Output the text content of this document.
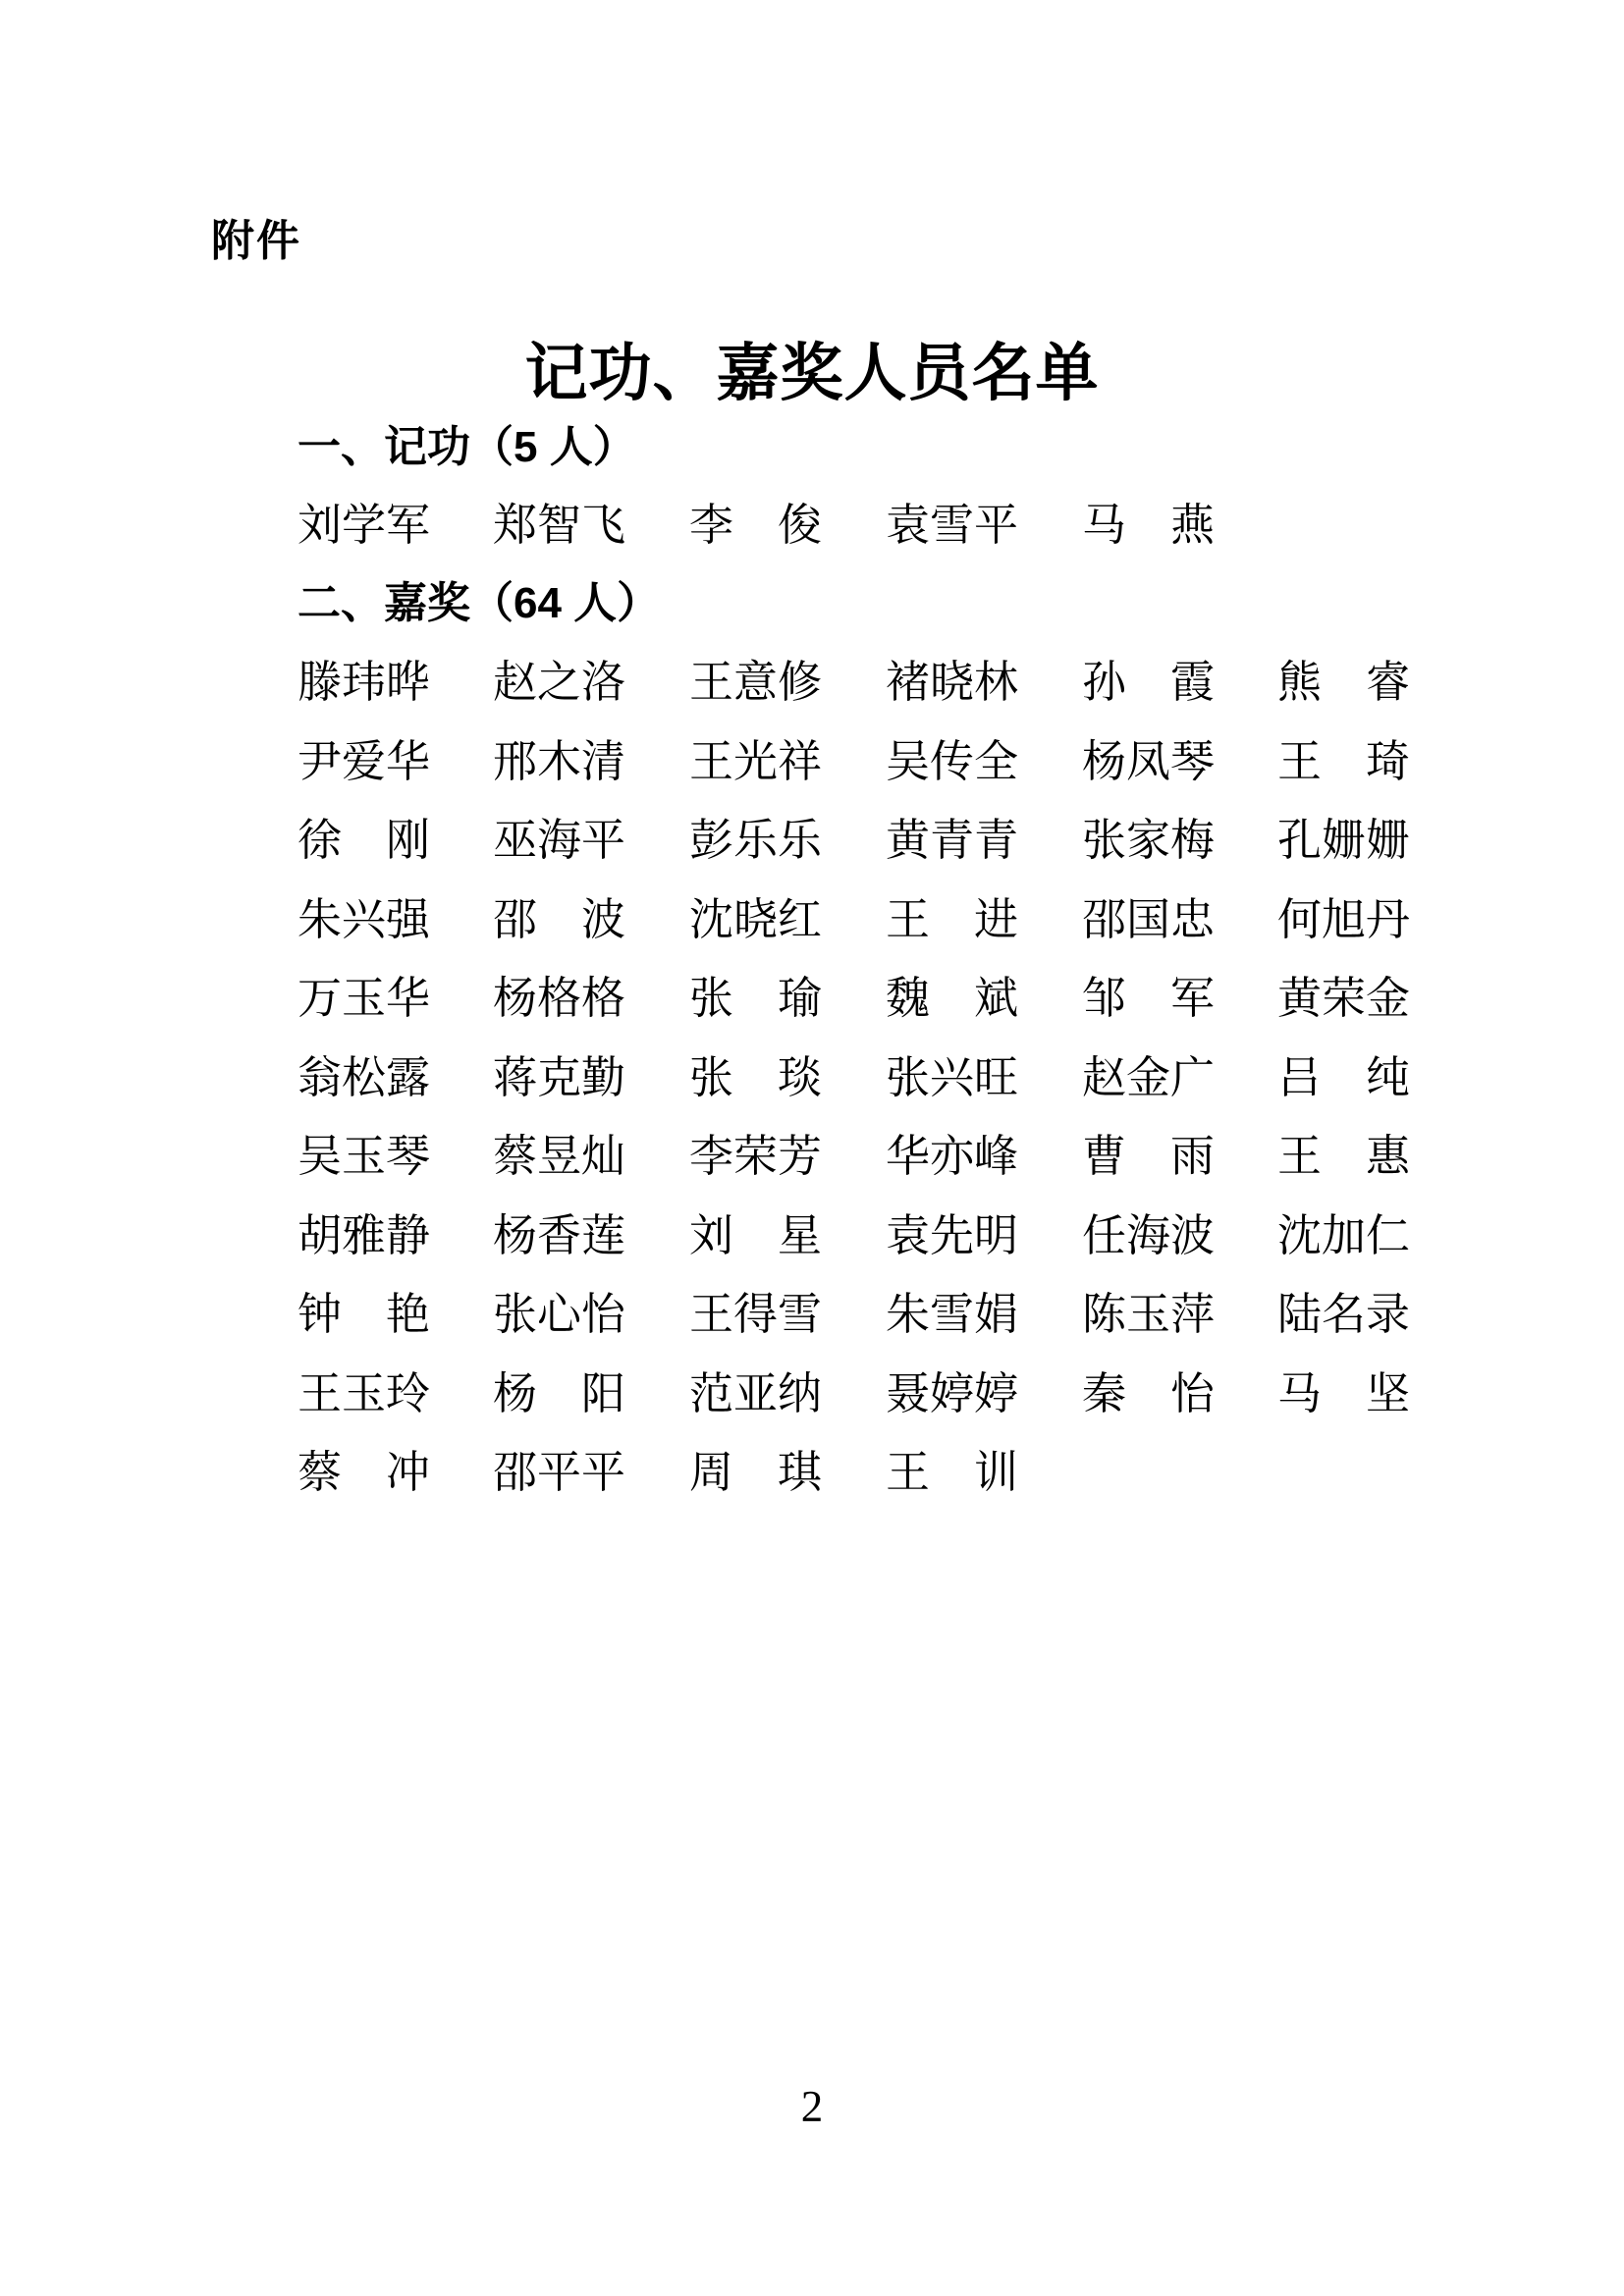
附件
记功、嘉奖人员名单
一、记功（5 人）
刘学军 郑智飞 李　俊 袁雪平 马　燕
二、嘉奖（64 人）
滕玮晔 赵之洛 王意修 褚晓林 孙　霞 熊　睿
尹爱华 邢木清 王光祥 吴传全 杨凤琴 王　琦
徐　刚 巫海平 彭乐乐 黄青青 张家梅 孔姗姗
朱兴强 邵　波 沈晓红 王　进 邵国忠 何旭丹
万玉华 杨格格 张　瑜 魏　斌 邹　军 黄荣金
翁松露 蒋克勤 张　琰 张兴旺 赵金广 吕　纯
吴玉琴 蔡昱灿 李荣芳 华亦峰 曹　雨 王　惠
胡雅静 杨香莲 刘　星 袁先明 任海波 沈加仁
钟　艳 张心怡 王得雪 朱雪娟 陈玉萍 陆名录
王玉玲 杨　阳 范亚纳 聂婷婷 秦　怡 马　坚
蔡　冲 邵平平 周　琪 王　训
2
